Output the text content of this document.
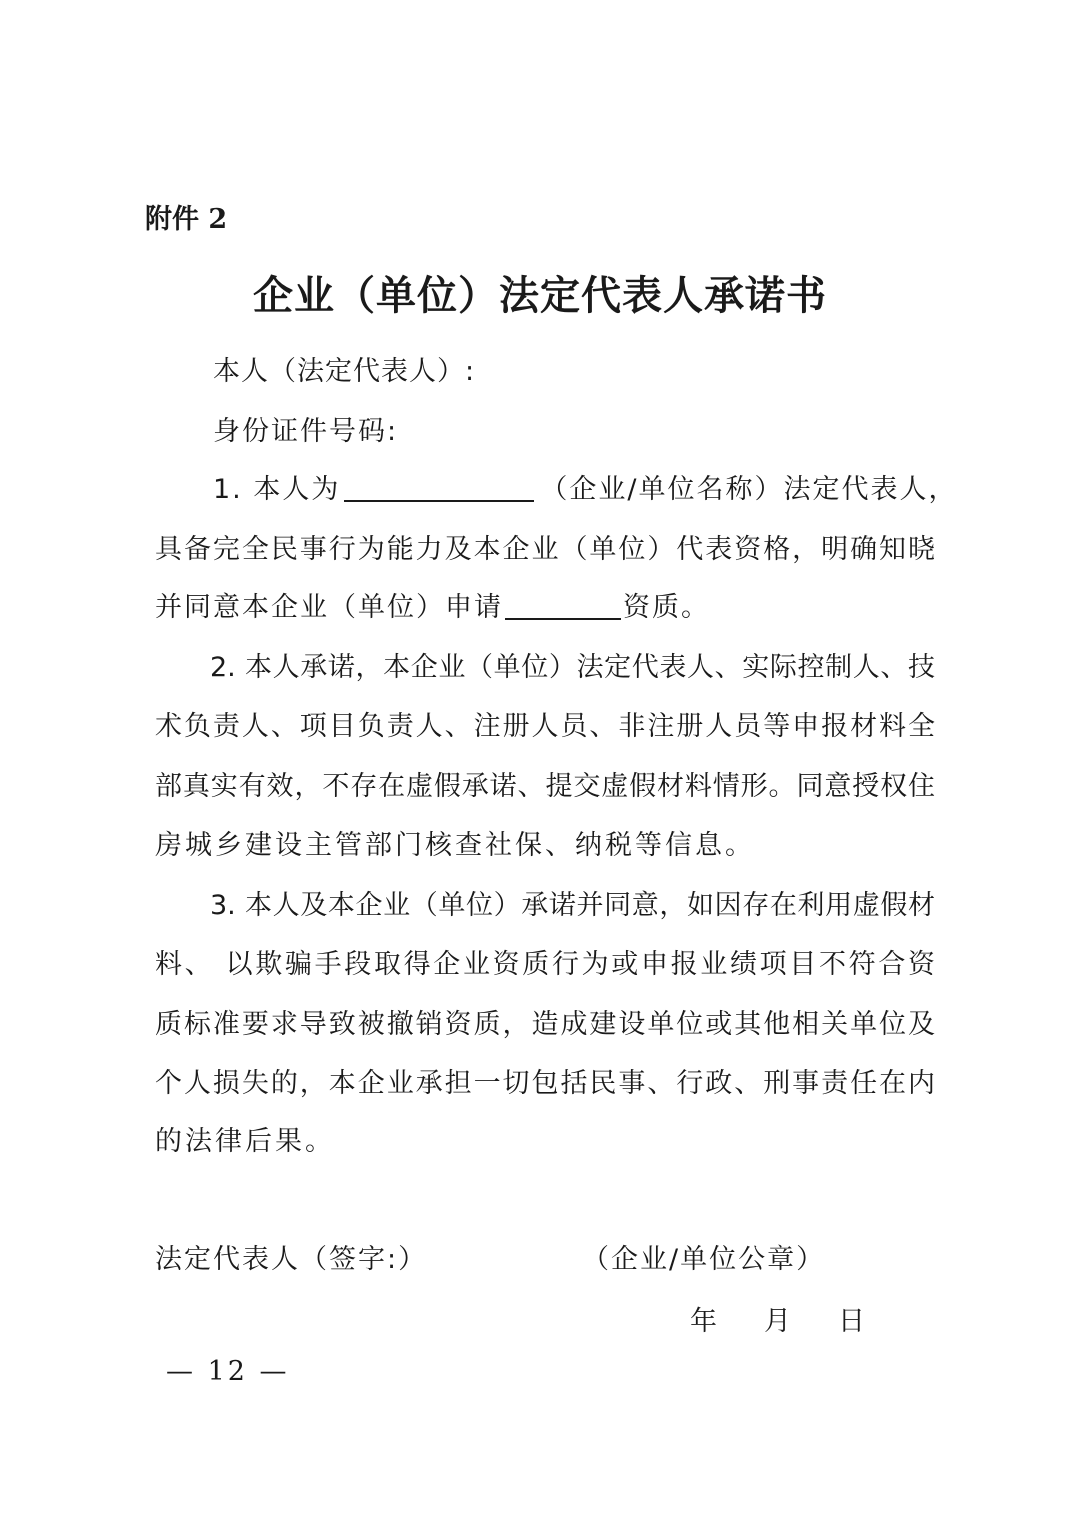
附件 2
企业（单位）法定代表人承诺书
本人（法定代表人）:
身份证件号码:
1. 本人为	（企业/单位名称）法定代表人，
具备完全民事行为能力及本企业（单位）代表资格，明确知晓
并同意本企业（单位）申请	资质。
2. 本人承诺，本企业（单位）法定代表人、实际控制人、技
术负责人、项目负责人、注册人员、非注册人员等申报材料全
部真实有效，不存在虚假承诺、提交虚假材料情形。同意授权住
房城乡建设主管部门核查社保、纳税等信息。
3. 本人及本企业（单位）承诺并同意，如因存在利用虚假材
料、 以欺骗手段取得企业资质行为或申报业绩项目不符合资
质标准要求导致被撤销资质，造成建设单位或其他相关单位及
个人损失的，本企业承担一切包括民事、行政、刑事责任在内
的法律后果。
法定代表人（签字:）	（企业/单位公章）
年 月 日
— 12 —
